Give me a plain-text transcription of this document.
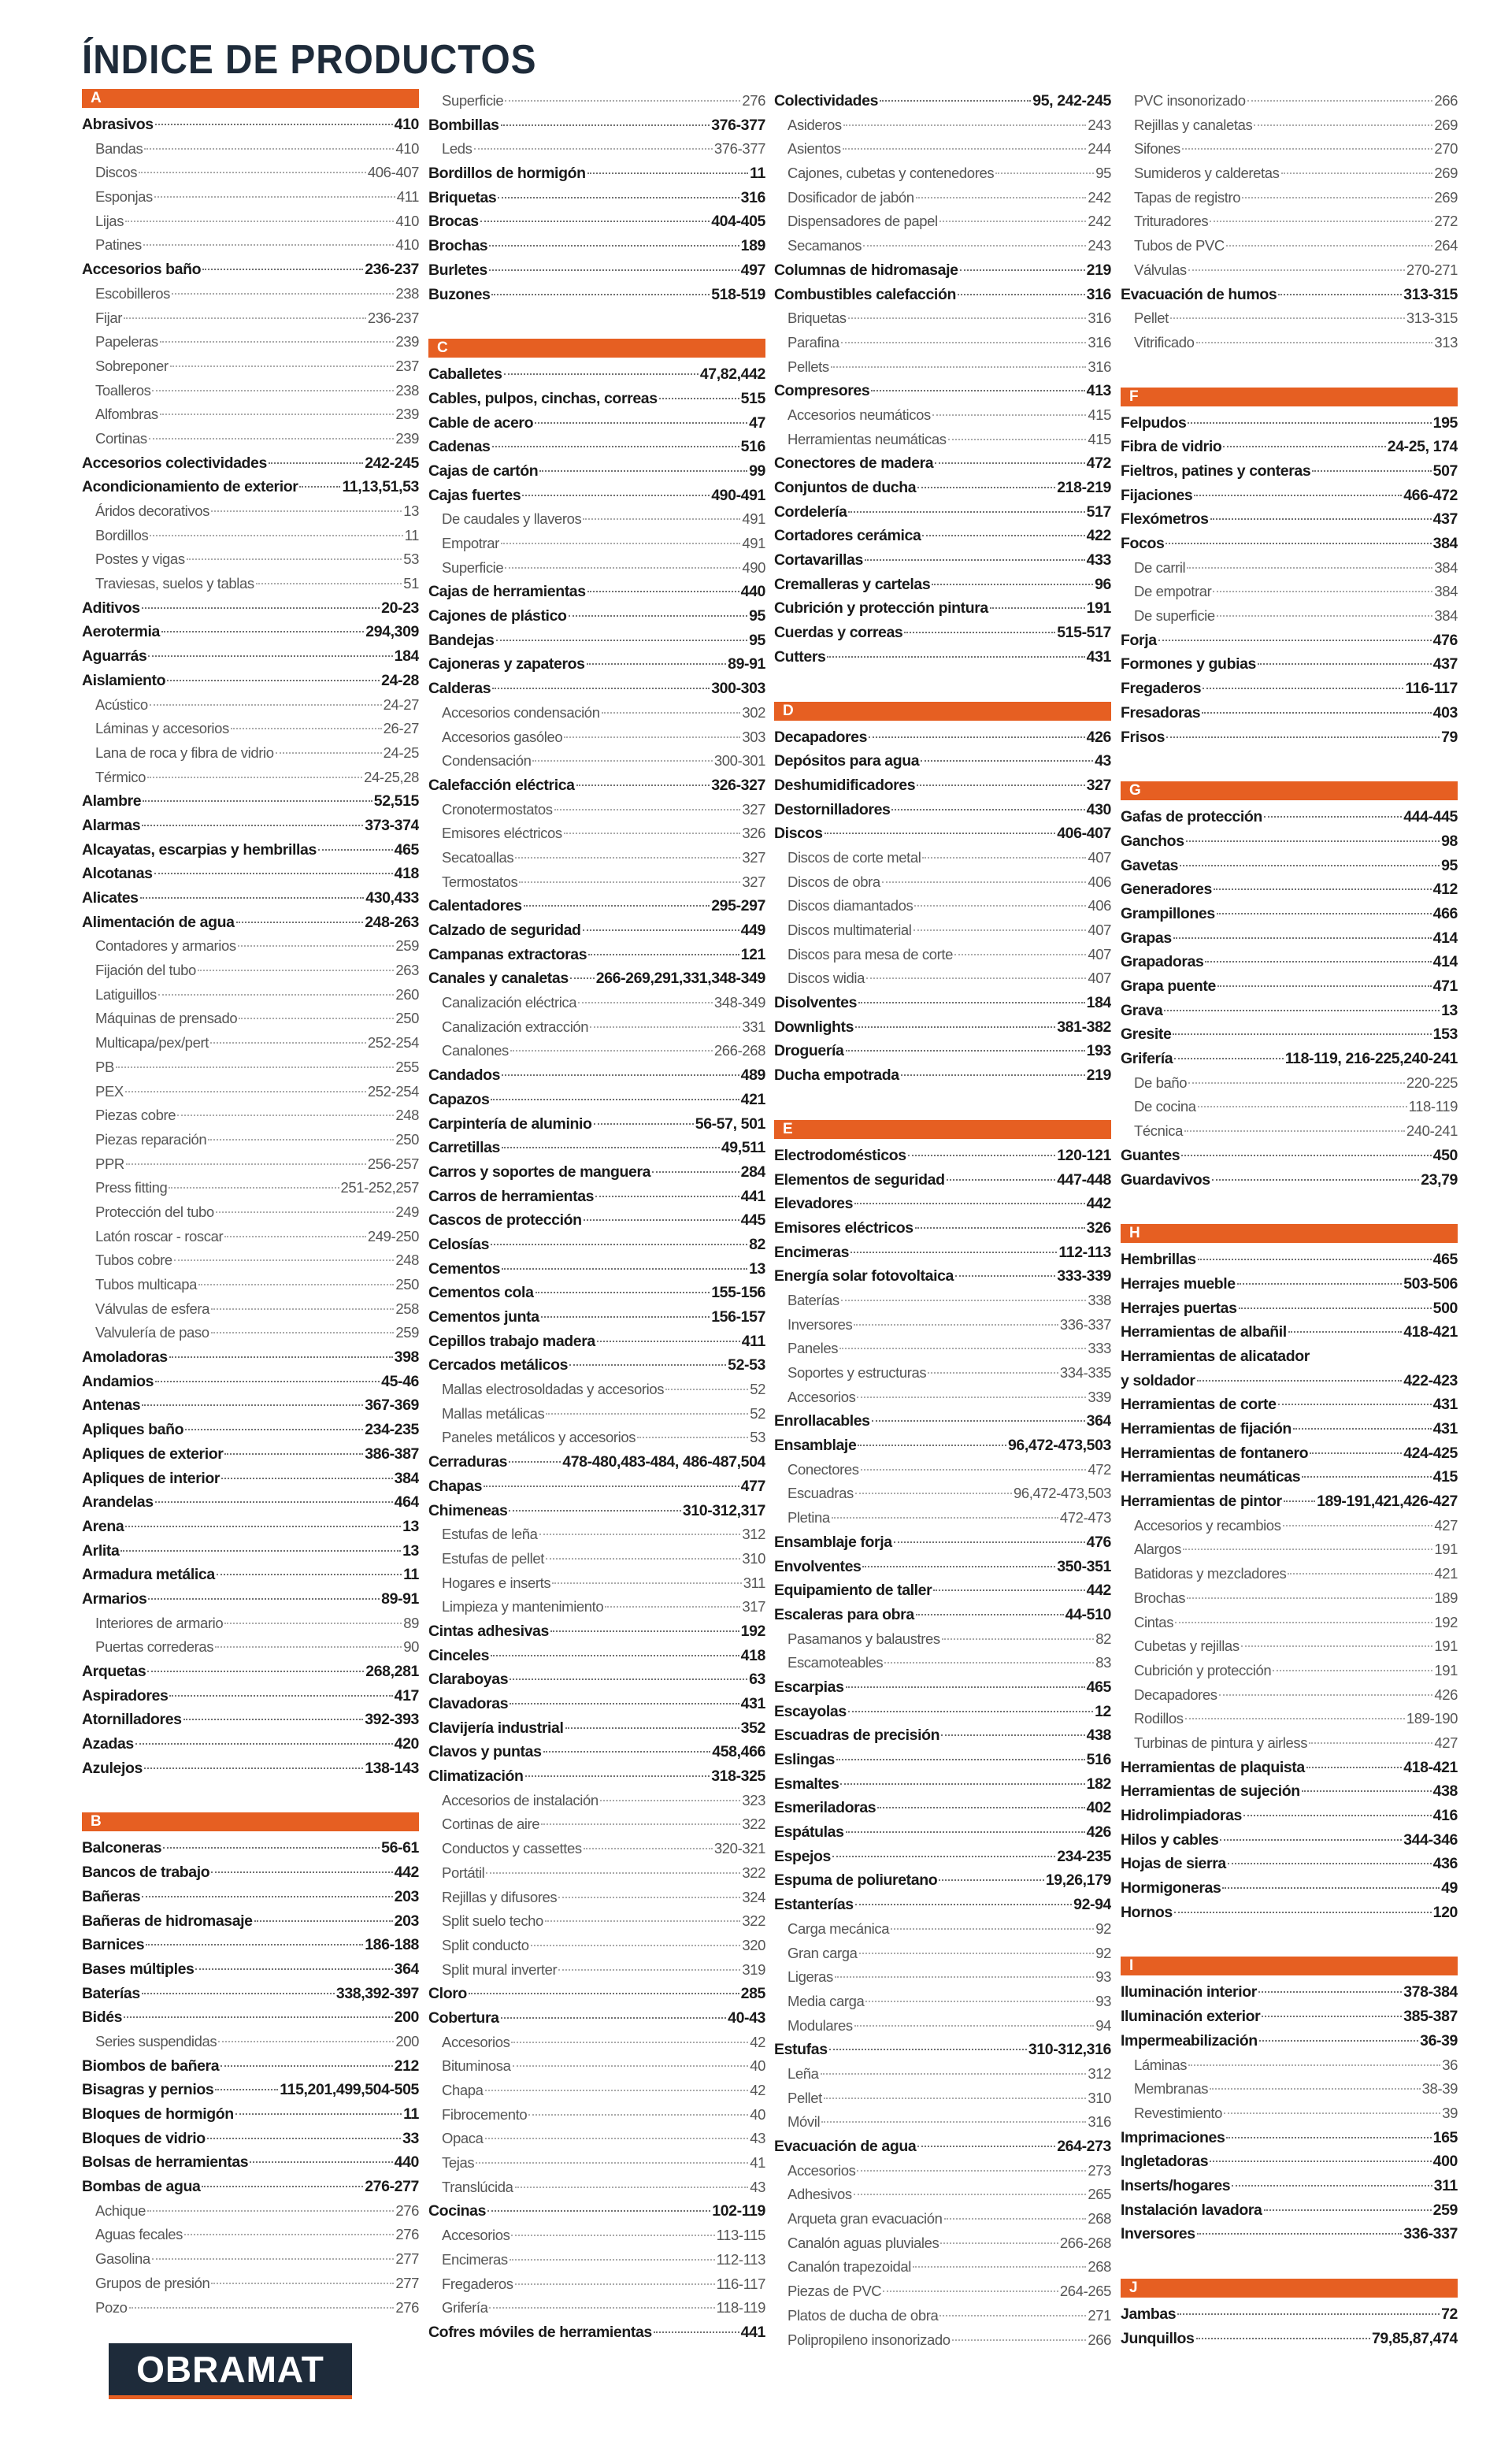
ÍNDICE DE PRODUCTOS
A
Abrasivos	410
Bandas	410
Discos	406-407
Esponjas	411
Lijas	410
Patines	410
Accesorios baño	236-237
Escobilleros	238
Fijar	236-237
Papeleras	239
Sobreponer	237
Toalleros	238
Alfombras	239
Cortinas	239
Accesorios colectividades	242-245
Acondicionamiento de exterior	11,13,51,53
Áridos decorativos	13
Bordillos	11
Postes y vigas	53
Traviesas, suelos y tablas	51
Aditivos	20-23
Aerotermia	294,309
Aguarrás	184
Aislamiento	24-28
Acústico	24-27
Láminas y accesorios	26-27
Lana de roca y fibra de vidrio	24-25
Térmico	24-25,28
Alambre	52,515
Alarmas	373-374
Alcayatas, escarpias y hembrillas	465
Alcotanas	418
Alicates	430,433
Alimentación de agua	248-263
Contadores y armarios	259
Fijación del tubo	263
Latiguillos	260
Máquinas de prensado	250
Multicapa/pex/pert	252-254
PB	255
PEX	252-254
Piezas cobre	248
Piezas reparación	250
PPR	256-257
Press fitting	251-252,257
Protección del tubo	249
Latón roscar - roscar	249-250
Tubos cobre	248
Tubos multicapa	250
Válvulas de esfera	258
Valvulería de paso	259
Amoladoras	398
Andamios	45-46
Antenas	367-369
Apliques baño	234-235
Apliques de exterior	386-387
Apliques de interior	384
Arandelas	464
Arena	13
Arlita	13
Armadura metálica	11
Armarios	89-91
Interiores de armario	89
Puertas correderas	90
Arquetas	268,281
Aspiradores	417
Atornilladores	392-393
Azadas	420
Azulejos	138-143
B
Balconeras	56-61
Bancos de trabajo	442
Bañeras	203
Bañeras de hidromasaje	203
Barnices	186-188
Bases múltiples	364
Baterías	338,392-397
Bidés	200
Series suspendidas	200
Biombos de bañera	212
Bisagras y pernios	115,201,499,504-505
Bloques de hormigón	11
Bloques de vidrio	33
Bolsas de herramientas	440
Bombas de agua	276-277
Achique	276
Aguas fecales	276
Gasolina	277
Grupos de presión	277
Pozo	276
Superficie	276
Bombillas	376-377
Leds	376-377
Bordillos de hormigón	11
Briquetas	316
Brocas	404-405
Brochas	189
Burletes	497
Buzones	518-519
C
Caballetes	47,82,442
Cables, pulpos, cinchas, correas	515
Cable de acero	47
Cadenas	516
Cajas de cartón	99
Cajas fuertes	490-491
De caudales y llaveros	491
Empotrar	491
Superficie	490
Cajas de herramientas	440
Cajones de plástico	95
Bandejas	95
Cajoneras y zapateros	89-91
Calderas	300-303
Accesorios condensación	302
Accesorios gasóleo	303
Condensación	300-301
Calefacción eléctrica	326-327
Cronotermostatos	327
Emisores eléctricos	326
Secatoallas	327
Termostatos	327
Calentadores	295-297
Calzado de seguridad	449
Campanas extractoras	121
Canales y canaletas 266-269,291,331,348-349
Canalización eléctrica	348-349
Canalización extracción	331
Canalones	266-268
Candados	489
Capazos	421
Carpintería de aluminio	56-57, 501
Carretillas	49,511
Carros y soportes de manguera	284
Carros de herramientas	441
Cascos de protección	445
Celosías	82
Cementos	13
Cementos cola	155-156
Cementos junta	156-157
Cepillos trabajo madera	411
Cercados metálicos	52-53
Mallas electrosoldadas y accesorios	52
Mallas metálicas	52
Paneles metálicos y accesorios	53
Cerraduras	478-480,483-484, 486-487,504
Chapas	477
Chimeneas	310-312,317
Estufas de leña	312
Estufas de pellet	310
Hogares e inserts	311
Limpieza y mantenimiento	317
Cintas adhesivas	192
Cinceles	418
Claraboyas	63
Clavadoras	431
Clavijería industrial	352
Clavos y puntas	458,466
Climatización	318-325
Accesorios de instalación	323
Cortinas de aire	322
Conductos y cassettes	320-321
Portátil	322
Rejillas y difusores	324
Split suelo techo	322
Split conducto	320
Split mural inverter	319
Cloro	285
Cobertura	40-43
Accesorios	42
Bituminosa	40
Chapa	42
Fibrocemento	40
Opaca	43
Tejas	41
Translúcida	43
Cocinas	102-119
Accesorios	113-115
Encimeras	112-113
Fregaderos	116-117
Grifería	118-119
Cofres móviles de herramientas	441
Colectividades	95, 242-245
Asideros	243
Asientos	244
Cajones, cubetas y contenedores	95
Dosificador de jabón	242
Dispensadores de papel	242
Secamanos	243
Columnas de hidromasaje	219
Combustibles calefacción	316
Briquetas	316
Parafina	316
Pellets	316
Compresores	413
Accesorios neumáticos	415
Herramientas neumáticas	415
Conectores de madera	472
Conjuntos de ducha	218-219
Cordelería	517
Cortadores cerámica	422
Cortavarillas	433
Cremalleras y cartelas	96
Cubrición y protección pintura	191
Cuerdas y correas	515-517
Cutters	431
D
Decapadores	426
Depósitos para agua	43
Deshumidificadores	327
Destornilladores	430
Discos	406-407
Discos de corte metal	407
Discos de obra	406
Discos diamantados	406
Discos multimaterial	407
Discos para mesa de corte	407
Discos widia	407
Disolventes	184
Downlights	381-382
Droguería	193
Ducha empotrada	219
E
Electrodomésticos	120-121
Elementos de seguridad	447-448
Elevadores	442
Emisores eléctricos	326
Encimeras	112-113
Energía solar fotovoltaica	333-339
Baterías	338
Inversores	336-337
Paneles	333
Soportes y estructuras	334-335
Accesorios	339
Enrollacables	364
Ensamblaje	96,472-473,503
Conectores	472
Escuadras	96,472-473,503
Pletina	472-473
Ensamblaje forja	476
Envolventes	350-351
Equipamiento de taller	442
Escaleras para obra	44-510
Pasamanos y balaustres	82
Escamoteables	83
Escarpias	465
Escayolas	12
Escuadras de precisión	438
Eslingas	516
Esmaltes	182
Esmeriladoras	402
Espátulas	426
Espejos	234-235
Espuma de poliuretano	19,26,179
Estanterías	92-94
Carga mecánica	92
Gran carga	92
Ligeras	93
Media carga	93
Modulares	94
Estufas	310-312,316
Leña	312
Pellet	310
Móvil	316
Evacuación de agua	264-273
Accesorios	273
Adhesivos	265
Arqueta gran evacuación	268
Canalón aguas pluviales	266-268
Canalón trapezoidal	268
Piezas de PVC	264-265
Platos de ducha de obra	271
Polipropileno insonorizado	266
PVC insonorizado	266
Rejillas y canaletas	269
Sifones	270
Sumideros y calderetas	269
Tapas de registro	269
Trituradores	272
Tubos de PVC	264
Válvulas	270-271
Evacuación de humos	313-315
Pellet	313-315
Vitrificado	313
F
Felpudos	195
Fibra de vidrio	24-25, 174
Fieltros, patines y conteras	507
Fijaciones	466-472
Flexómetros	437
Focos	384
De carril	384
De empotrar	384
De superficie	384
Forja	476
Formones y gubias	437
Fregaderos	116-117
Fresadoras	403
Frisos	79
G
Gafas de protección	444-445
Ganchos	98
Gavetas	95
Generadores	412
Grampillones	466
Grapas	414
Grapadoras	414
Grapa puente	471
Grava	13
Gresite	153
Grifería	118-119, 216-225,240-241
De baño	220-225
De cocina	118-119
Técnica	240-241
Guantes	450
Guardavivos	23,79
H
Hembrillas	465
Herrajes mueble	503-506
Herrajes puertas	500
Herramientas de albañil	418-421
Herramientas de alicatador
y soldador	422-423
Herramientas de corte	431
Herramientas de fijación	431
Herramientas de fontanero	424-425
Herramientas neumáticas	415
Herramientas de pintor 189-191,421,426-427
Accesorios y recambios	427
Alargos	191
Batidoras y mezcladores	421
Brochas	189
Cintas	192
Cubetas y rejillas	191
Cubrición y protección	191
Decapadores	426
Rodillos	189-190
Turbinas de pintura y airless	427
Herramientas de plaquista	418-421
Herramientas de sujeción	438
Hidrolimpiadoras	416
Hilos y cables	344-346
Hojas de sierra	436
Hormigoneras	49
Hornos	120
I
Iluminación interior	378-384
Iluminación exterior	385-387
Impermeabilización	36-39
Láminas	36
Membranas	38-39
Revestimiento	39
Imprimaciones	165
Ingletadoras	400
Inserts/hogares	311
Instalación lavadora	259
Inversores	336-337
J
Jambas	72
Junquillos	79,85,87,474
OBRAMAT
